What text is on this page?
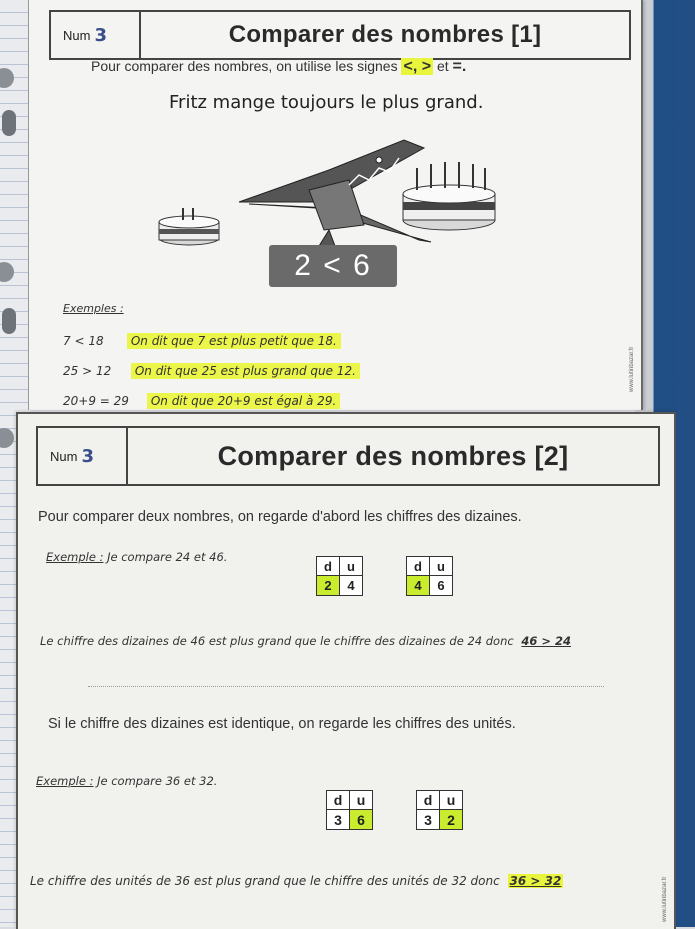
Num 3	Comparer des nombres [1]
Pour comparer des nombres, on utilise les signes <, > et =.
Fritz mange toujours le plus grand.
2 < 6
Exemples :
7 < 18 On dit que 7 est plus petit que 18.
25 > 12 On dit que 25 est plus grand que 12.
20+9 = 29 On dit que 20+9 est égal à 29.
www.lutinbazar.fr
Num 3	Comparer des nombres [2]
Pour comparer deux nombres, on regarde d'abord les chiffres des dizaines.
Exemple : Je compare 24 et 46.
d	u
2	4
d	u
4	6
Le chiffre des dizaines de 46 est plus grand que le chiffre des dizaines de 24 donc 46 > 24
Si le chiffre des dizaines est identique, on regarde les chiffres des unités.
Exemple : Je compare 36 et 32.
d	u
3	6
d	u
3	2
Le chiffre des unités de 36 est plus grand que le chiffre des unités de 32 donc 36 > 32	www.lutinbazar.fr
